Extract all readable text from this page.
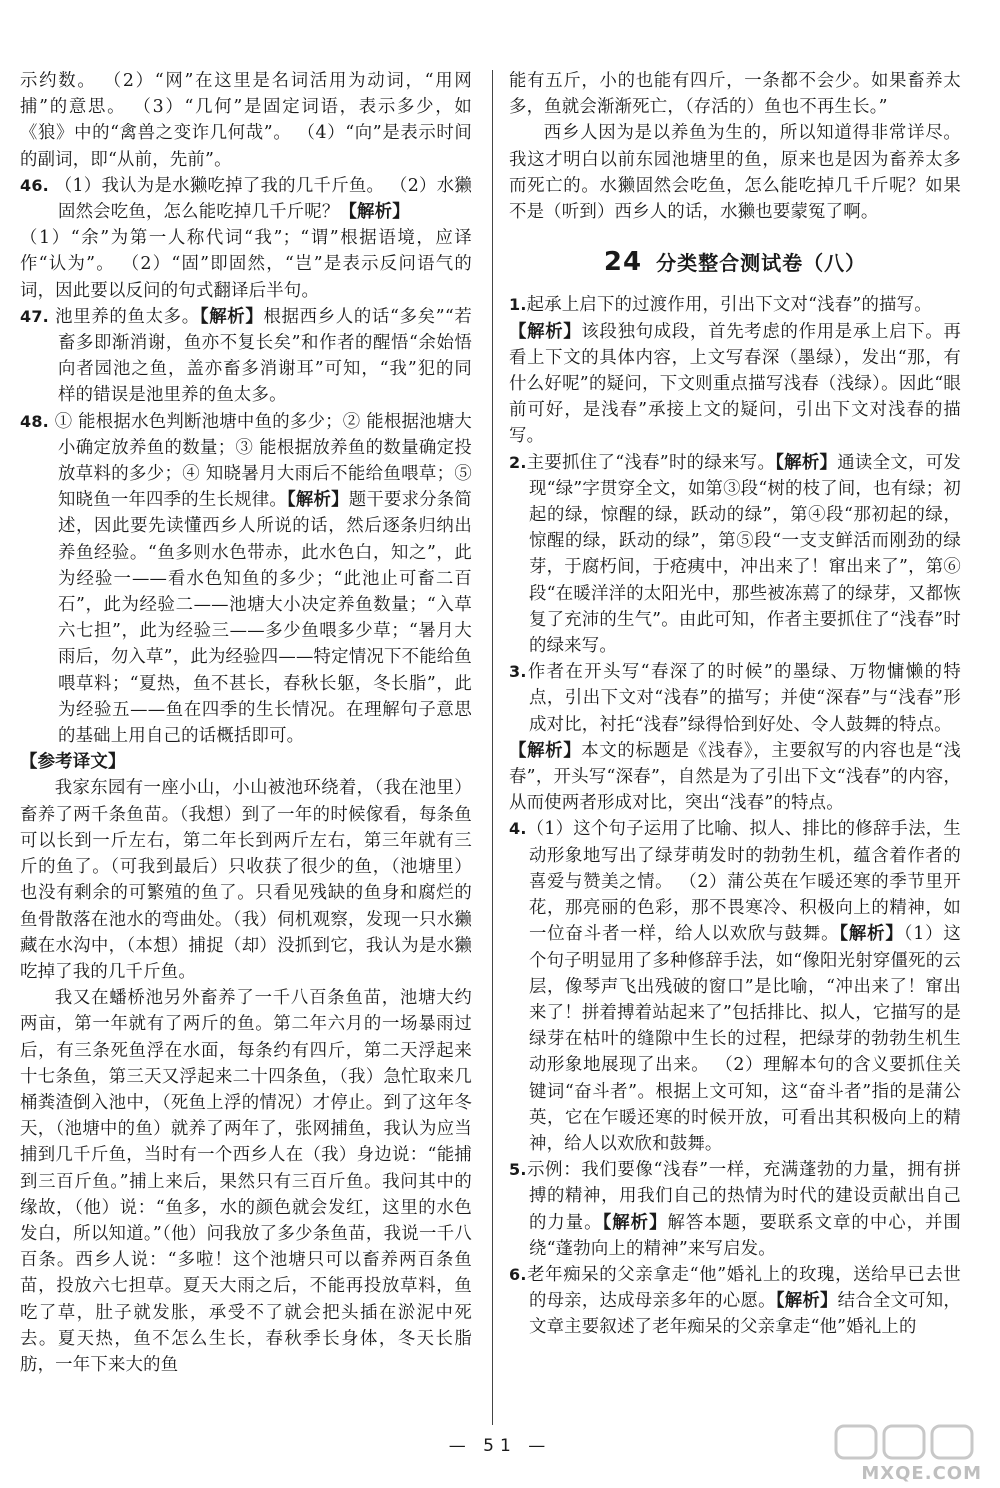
示约数。 （2）“网”在这里是名词活用为动词，“用网捕”的意思。 （3）“几何”是固定词语，表示多少，如《狼》中的“禽兽之变诈几何哉”。 （4）“向”是表示时间的副词，即“从前，先前”。

46. （1）我认为是水獭吃掉了我的几千斤鱼。 （2）水獭固然会吃鱼，怎么能吃掉几千斤呢？【解析】

（1）“余”为第一人称代词“我”；“谓”根据语境，应译作“认为”。 （2）“固”即固然，“岂”是表示反问语气的词，因此要以反问的句式翻译后半句。

47. 池里养的鱼太多。【解析】根据西乡人的话“多矣”“若畜多即渐消谢，鱼亦不复长矣”和作者的醒悟“余始悟向者园池之鱼，盖亦畜多消谢耳”可知，“我”犯的同样的错误是池里养的鱼太多。

48. ① 能根据水色判断池塘中鱼的多少；② 能根据池塘大小确定放养鱼的数量；③ 能根据放养鱼的数量确定投放草料的多少；④ 知晓暑月大雨后不能给鱼喂草；⑤ 知晓鱼一年四季的生长规律。【解析】题干要求分条简述，因此要先读懂西乡人所说的话，然后逐条归纳出养鱼经验。“鱼多则水色带赤，此水色白，知之”，此为经验一——看水色知鱼的多少；“此池止可畜二百石”，此为经验二——池塘大小决定养鱼数量；“入草六七担”，此为经验三——多少鱼喂多少草；“暑月大雨后，勿入草”，此为经验四——特定情况下不能给鱼喂草料；“夏热，鱼不甚长，春秋长躯，冬长脂”，此为经验五——鱼在四季的生长情况。在理解句子意思的基础上用自己的话概括即可。

【参考译文】

我家东园有一座小山，小山被池环绕着，（我在池里）畜养了两千条鱼苗。（我想）到了一年的时候傢看，每条鱼可以长到一斤左右，第二年长到两斤左右，第三年就有三斤的鱼了。（可我到最后）只收获了很少的鱼，（池塘里）也没有剩余的可繁殖的鱼了。只看见残缺的鱼身和腐烂的鱼骨散落在池水的弯曲处。（我）伺机观察，发现一只水獭藏在水沟中，（本想）捕捉（却）没抓到它，我认为是水獭吃掉了我的几千斤鱼。

我又在蟠桥池另外畜养了一千八百条鱼苗，池塘大约两亩，第一年就有了两斤的鱼。第二年六月的一场暴雨过后，有三条死鱼浮在水面，每条约有四斤，第二天浮起来十七条鱼，第三天又浮起来二十四条鱼，（我）急忙取来几桶粪渣倒入池中，（死鱼上浮的情况）才停止。到了这年冬天，（池塘中的鱼）就养了两年了，张网捕鱼，我认为应当捕到几千斤鱼，当时有一个西乡人在（我）身边说：“能捕到三百斤鱼。”捕上来后，果然只有三百斤鱼。我问其中的缘故，（他）说：“鱼多，水的颜色就会发红，这里的水色发白，所以知道。”（他）问我放了多少条鱼苗，我说一千八百条。西乡人说：“多啦！这个池塘只可以畜养两百条鱼苗，投放六七担草。夏天大雨之后，不能再投放草料，鱼吃了草，肚子就发胀，承受不了就会把头插在淤泥中死去。夏天热，鱼不怎么生长，春秋季长身体，冬天长脂肪，一年下来大的鱼

能有五斤，小的也能有四斤，一条都不会少。如果畜养太多，鱼就会渐渐死亡，（存活的）鱼也不再生长。”

西乡人因为是以养鱼为生的，所以知道得非常详尽。我这才明白以前东园池塘里的鱼，原来也是因为畜养太多而死亡的。水獭固然会吃鱼，怎么能吃掉几千斤呢？如果不是（听到）西乡人的话，水獭也要蒙冤了啊。

24 分类整合测试卷（八）

1.起承上启下的过渡作用，引出下文对“浅春”的描写。

【解析】该段独句成段，首先考虑的作用是承上启下。再看上下文的具体内容，上文写春深（墨绿），发出“那，有什么好呢”的疑问，下文则重点描写浅春（浅绿）。因此“眼前可好，是浅春”承接上文的疑问，引出下文对浅春的描写。

2.主要抓住了“浅春”时的绿来写。【解析】通读全文，可发现“绿”字贯穿全文，如第③段“树的枝了间，也有绿；初起的绿，惊醒的绿，跃动的绿”，第④段“那初起的绿，惊醒的绿，跃动的绿”，第⑤段“一支支鲜活而刚劲的绿芽，于腐朽间，于疮痍中，冲出来了！窜出来了”，第⑥段“在暖洋洋的太阳光中，那些被冻蔫了的绿芽，又都恢复了充沛的生气”。由此可知，作者主要抓住了“浅春”时的绿来写。

3.作者在开头写“春深了的时候”的墨绿、万物慵懒的特点，引出下文对“浅春”的描写；并使“深春”与“浅春”形成对比，衬托“浅春”绿得恰到好处、令人鼓舞的特点。

【解析】本文的标题是《浅春》，主要叙写的内容也是“浅春”，开头写“深春”，自然是为了引出下文“浅春”的内容，从而使两者形成对比，突出“浅春”的特点。

4.（1）这个句子运用了比喻、拟人、排比的修辞手法，生动形象地写出了绿芽萌发时的勃勃生机，蕴含着作者的喜爱与赞美之情。 （2）蒲公英在乍暖还寒的季节里开花，那亮丽的色彩，那不畏寒冷、积极向上的精神，如一位奋斗者一样，给人以欢欣与鼓舞。【解析】（1）这个句子明显用了多种修辞手法，如“像阳光射穿僵死的云层，像琴声飞出残破的窗口”是比喻，“冲出来了！窜出来了！拼着搏着站起来了”包括排比、拟人，它描写的是绿芽在枯叶的缝隙中生长的过程，把绿芽的勃勃生机生动形象地展现了出来。 （2）理解本句的含义要抓住关键词“奋斗者”。根据上文可知，这“奋斗者”指的是蒲公英，它在乍暖还寒的时候开放，可看出其积极向上的精神，给人以欢欣和鼓舞。

5.示例：我们要像“浅春”一样，充满蓬勃的力量，拥有拼搏的精神，用我们自己的热情为时代的建设贡献出自己的力量。【解析】解答本题，要联系文章的中心，并围绕“蓬勃向上的精神”来写启发。

6.老年痴呆的父亲拿走“他”婚礼上的玫瑰，送给早已去世的母亲，达成母亲多年的心愿。【解析】结合全文可知，文章主要叙述了老年痴呆的父亲拿走“他”婚礼上的

— 51 —
MXQE.COM
